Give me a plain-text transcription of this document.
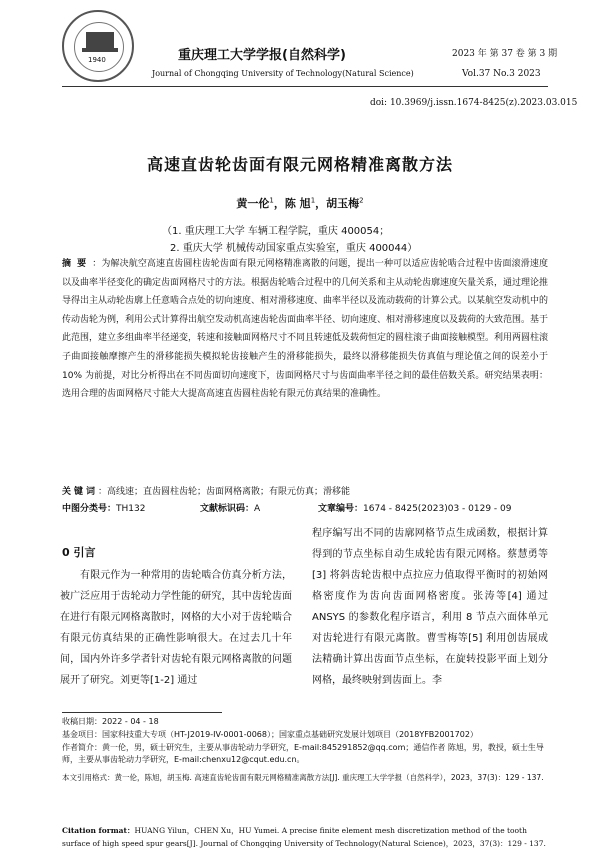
1940	重庆理工大学学报(自然科学)
Journal of Chongqing University of Technology(Natural Science)
2023 年 第 37 卷 第 3 期
Vol.37 No.3 2023
doi: 10.3969/j.issn.1674-8425(z).2023.03.015
高速直齿轮齿面有限元网格精准离散方法
黄一伦$^1$，陈 旭$^1$，胡玉梅$^2$
（1. 重庆理工大学 车辆工程学院，重庆 400054；
2. 重庆大学 机械传动国家重点实验室，重庆 400044）
摘要：为解决航空高速直齿圆柱齿轮齿面有限元网格精准离散的问题，提出一种可以适应齿轮啮合过程中齿面滚滑速度以及曲率半径变化的确定齿面网格尺寸的方法。根据齿轮啮合过程中的几何关系和主从动轮齿廓速度矢量关系，通过理论推导得出主从动轮齿廓上任意啮合点处的切向速度、相对滑移速度、曲率半径以及流动载荷的计算公式。以某航空发动机中的传动齿轮为例，利用公式计算得出航空发动机高速齿轮齿面曲率半径、切向速度、相对滑移速度以及载荷的大致范围。基于此范围，建立多组曲率半径递变，转速和接触面网格尺寸不同且转速低及载荷恒定的圆柱滚子曲面接触模型。利用两圆柱滚子曲面接触摩擦产生的滑移能损失模拟轮齿接触产生的滑移能损失，最终以滑移能损失仿真值与理论值之间的误差小于10% 为前提，对比分析得出在不同齿面切向速度下，齿面网格尺寸与齿面曲率半径之间的最佳倍数关系。研究结果表明：选用合理的齿面网格尺寸能大大提高高速直齿圆柱齿轮有限元仿真结果的准确性。
关键词：高线速；直齿圆柱齿轮；齿面网格离散；有限元仿真；滑移能
中图分类号：TH132	文献标识码：A	文章编号：1674 - 8425(2023)03 - 0129 - 09
0 引言

有限元作为一种常用的齿轮啮合仿真分析方法，被广泛应用于齿轮动力学性能的研究，其中齿轮齿面在进行有限元网格离散时，网格的大小对于齿轮啮合有限元仿真结果的正确性影响很大。在过去几十年间，国内外许多学者针对齿轮有限元网格离散的问题展开了研究。刘更等[1-2] 通过

程序编写出不同的齿廓网格节点生成函数，根据计算得到的节点坐标自动生成轮齿有限元网格。蔡慧勇等[3] 将斜齿轮齿根中点拉应力值取得平衡时的初始网格密度作为齿向齿面网格密度。张涛等[4] 通过 ANSYS 的参数化程序语言，利用 8 节点六面体单元对齿轮进行有限元离散。曹雪梅等[5] 利用创齿展成法精确计算出齿面节点坐标，在旋转投影平面上划分网格，最终映射到齿面上。李

收稿日期：2022 - 04 - 18
基金项目：国家科技重大专项（HT-J2019-IV-0001-0068）；国家重点基础研究发展计划项目（2018YFB2001702）
作者简介：黄一伦，男，硕士研究生，主要从事齿轮动力学研究，E-mail:845291852@qq.com；通信作者 陈旭，男，教授，硕士生导师，主要从事齿轮动力学研究，E-mail:chenxu12@cqut.edu.cn。
本文引用格式：黄一伦，陈旭，胡玉梅. 高速直齿轮齿面有限元网格精准离散方法[J]. 重庆理工大学学报（自然科学），2023，37(3)：129 - 137.
Citation format：HUANG Yilun，CHEN Xu，HU Yumei. A precise finite element mesh discretization method of the tooth surface of high speed spur gears[J]. Journal of Chongqing University of Technology(Natural Science)，2023，37(3)：129 - 137.
